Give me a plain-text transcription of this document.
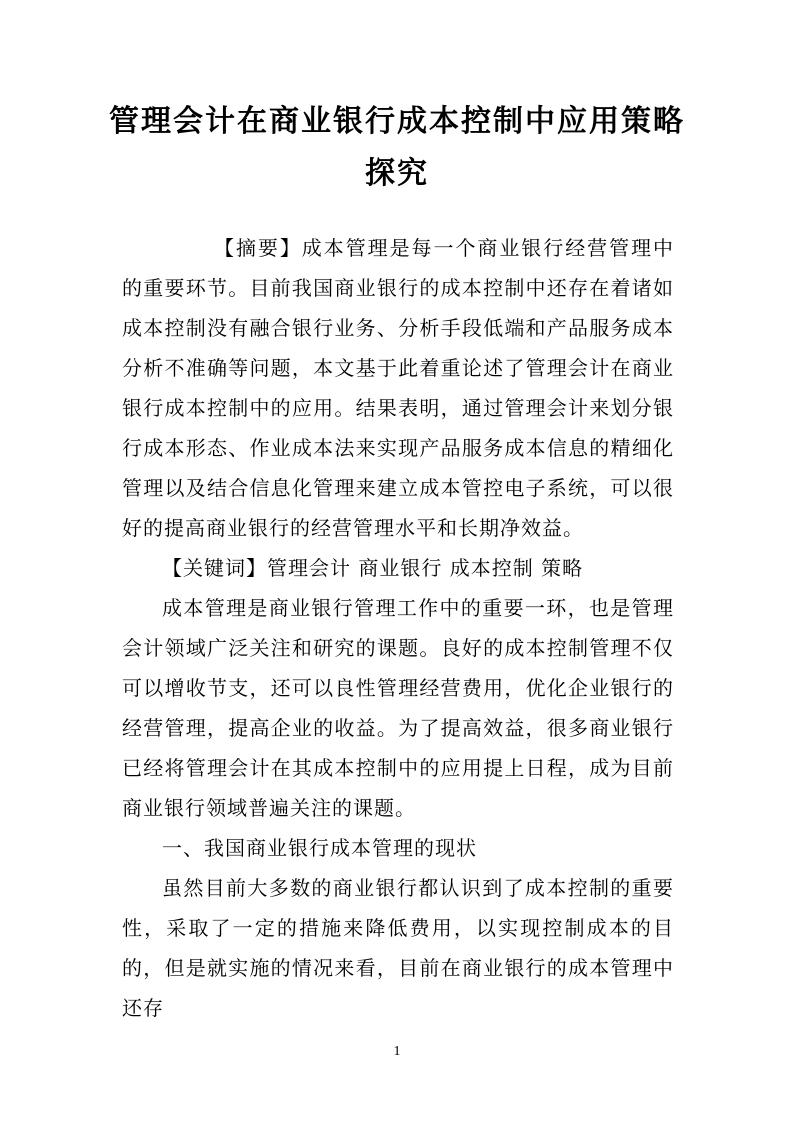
管理会计在商业银行成本控制中应用策略
探究

【摘要】成本管理是每一个商业银行经营管理中的重要环节。目前我国商业银行的成本控制中还存在着诸如成本控制没有融合银行业务、分析手段低端和产品服务成本分析不准确等问题，本文基于此着重论述了管理会计在商业银行成本控制中的应用。结果表明，通过管理会计来划分银行成本形态、作业成本法来实现产品服务成本信息的精细化管理以及结合信息化管理来建立成本管控电子系统，可以很好的提高商业银行的经营管理水平和长期净效益。

【关键词】管理会计 商业银行 成本控制 策略

成本管理是商业银行管理工作中的重要一环，也是管理会计领域广泛关注和研究的课题。良好的成本控制管理不仅可以增收节支，还可以良性管理经营费用，优化企业银行的经营管理，提高企业的收益。为了提高效益，很多商业银行已经将管理会计在其成本控制中的应用提上日程，成为目前商业银行领域普遍关注的课题。

一、我国商业银行成本管理的现状

虽然目前大多数的商业银行都认识到了成本控制的重要性，采取了一定的措施来降低费用，以实现控制成本的目的，但是就实施的情况来看，目前在商业银行的成本管理中还存

1
